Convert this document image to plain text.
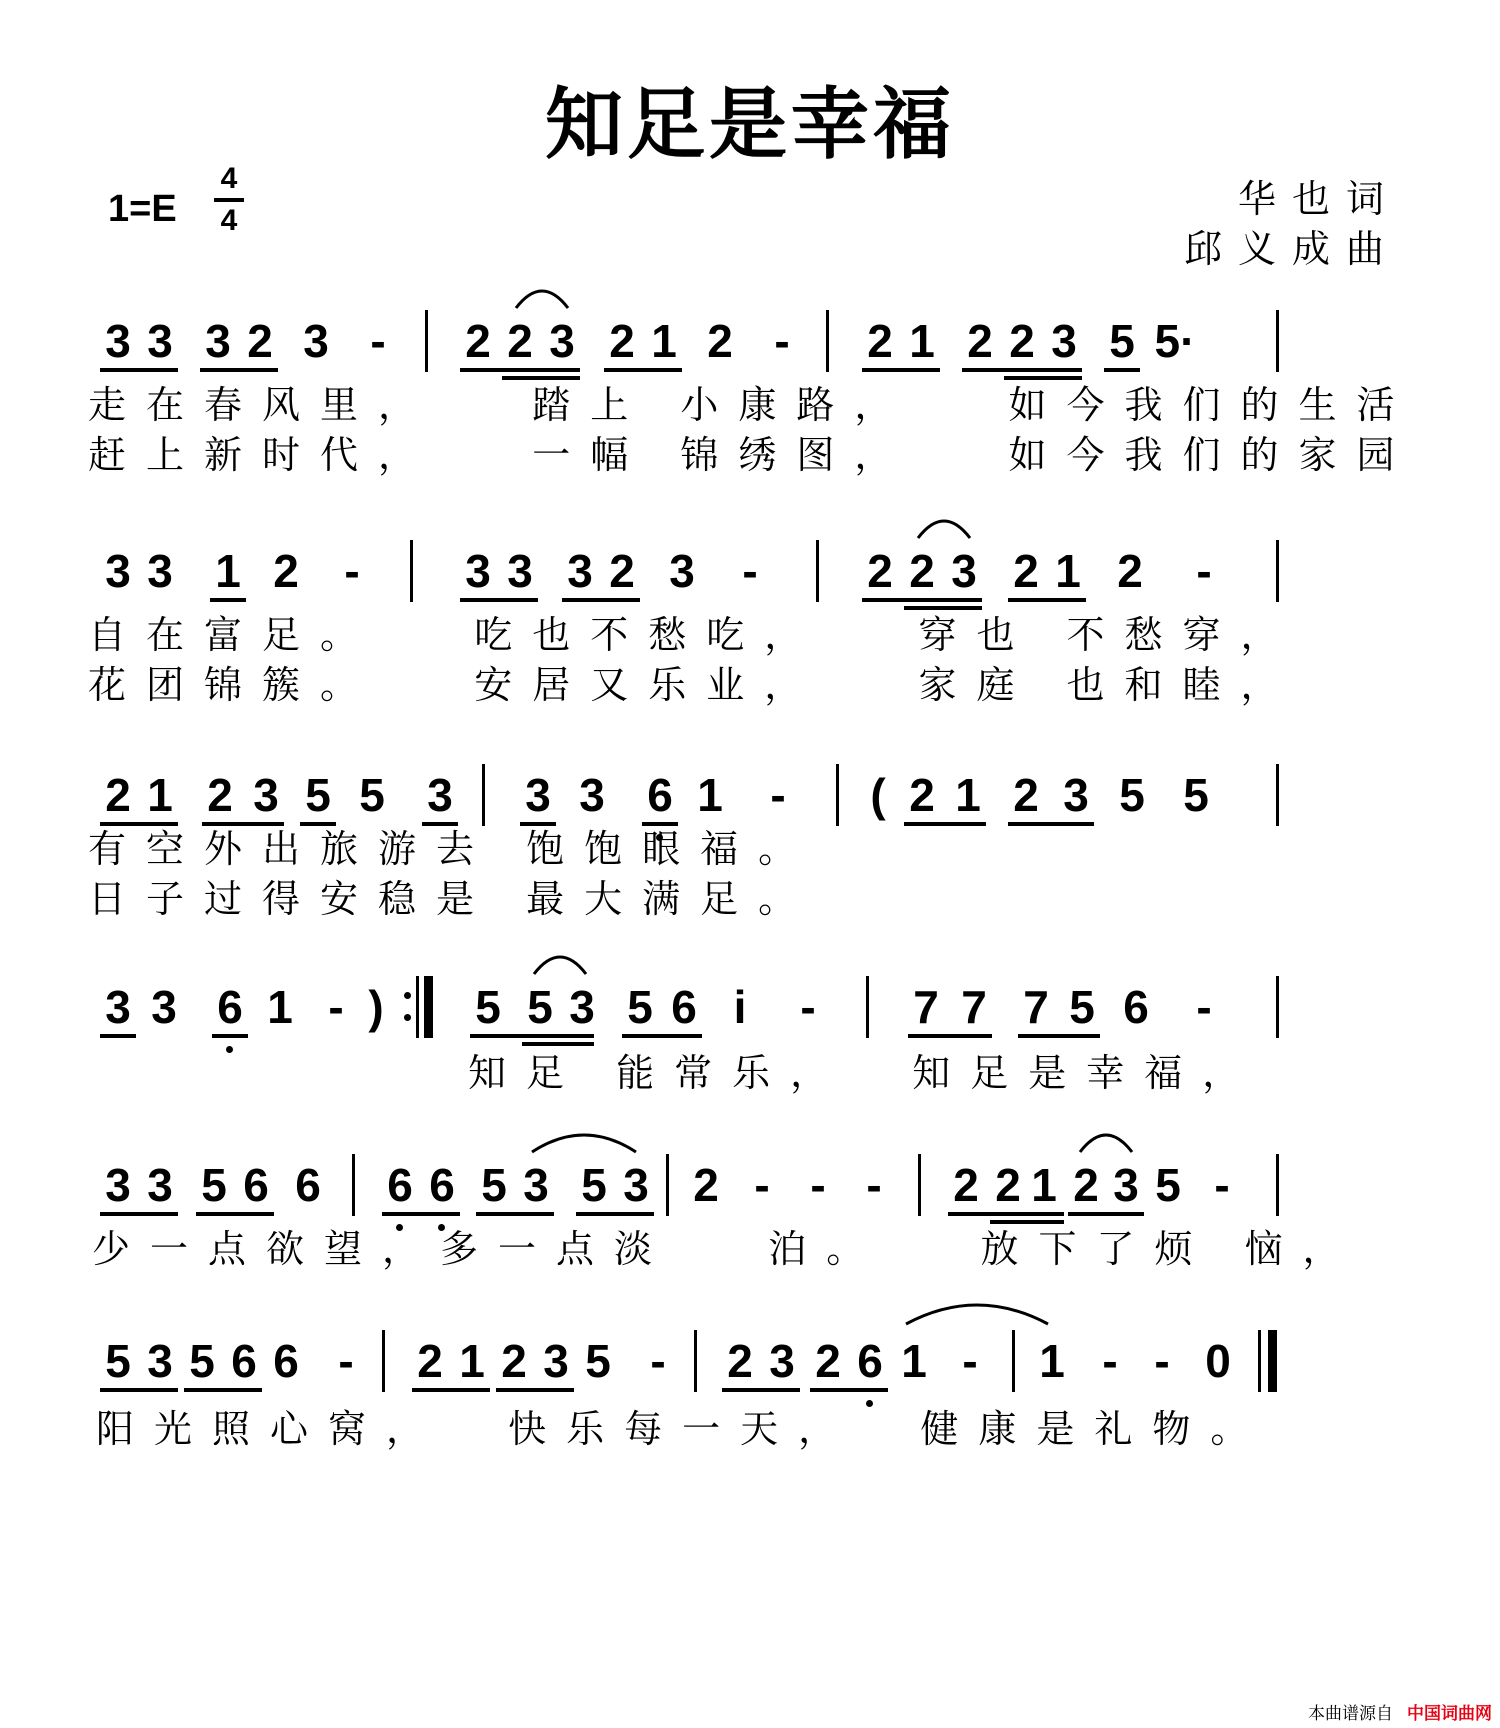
知足是幸福
1=E
4
4	华也词
邱义成曲
3 3 3 2 3 - 2 2 3 2 1 2 - 2 1 2 2 3 5 5·
走在春风里，   踏上 小康路，   如今我们的生活
赶上新时代，   一幅 锦绣图，   如今我们的家园
3 3 1 2 - 3 3 3 2 3 - 2 2 3 2 1 2 -
自在富足。   吃也不愁吃，   穿也 不愁穿，
花团锦簇。   安居又乐业，   家庭 也和睦，
2 1 2 3 5 5 3 3 3 6 1 - ( 2 1 2 3 5 5
有空外出旅游去 饱饱眼福。
日子过得安稳是 最大满足。
3 3 6 1 - ) 5 5 3 5 6 i - 7 7 7 5 6 -
知足 能常乐，  知足是幸福，
3 3 5 6 6 6 6 5 3 5 3 2 - - - 2 2 1 2 3 5 -
少一点欲望，多一点淡   泊。   放下了烦 恼，
5 3 5 6 6 - 2 1 2 3 5 - 2 3 2 6 1 - 1 - - 0
阳光照心窝，  快乐每一天，  健康是礼物。
本曲谱源自 中国词曲网
